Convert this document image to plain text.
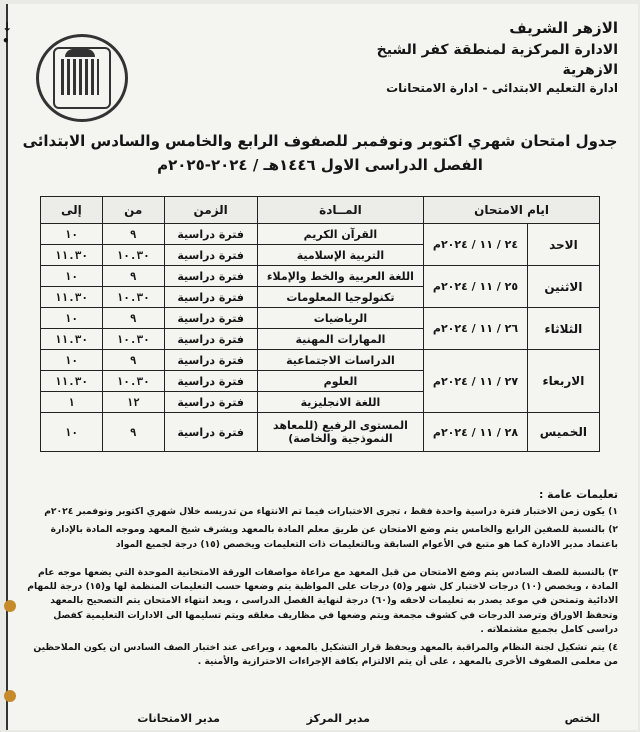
↓
•
الازهر الشريف
الادارة المركزية لمنطقة كفر الشيخ الازهرية
ادارة التعليم الابتدائى - ادارة الامتحانات
جدول امتحان شهري اكتوبر ونوفمبر للصفوف الرابع والخامس والسادس الابتدائى
الفصل الدراسى الاول ١٤٤٦هـ / ٢٠٢٤-٢٠٢٥م
ايام الامتحان		المــادة	الزمن	من	إلى
الاحد	٢٤ / ١١ / ٢٠٢٤م	القرآن الكريم	فترة دراسية	٩	١٠
		التربية الإسلامية	فترة دراسية	١٠.٣٠	١١.٣٠
الاثنين	٢٥ / ١١ / ٢٠٢٤م	اللغة العربية والخط والإملاء	فترة دراسية	٩	١٠
		تكنولوجيا المعلومات	فترة دراسية	١٠.٣٠	١١.٣٠
الثلاثاء	٢٦ / ١١ / ٢٠٢٤م	الرياضيات	فترة دراسية	٩	١٠
		المهارات المهنية	فترة دراسية	١٠.٣٠	١١.٣٠
الاربعاء	٢٧ / ١١ / ٢٠٢٤م	الدراسات الاجتماعية	فترة دراسية	٩	١٠
		العلوم	فترة دراسية	١٠.٣٠	١١.٣٠
		اللغة الانجليزية	فترة دراسية	١٢	١
الخميس	٢٨ / ١١ / ٢٠٢٤م	المستوى الرفيع (للمعاهد النموذجية والخاصة)	فترة دراسية	٩	١٠
تعليمات عامة :

١) يكون زمن الاختبار فترة دراسية واحدة فقط ، تجرى الاختبارات فيما تم الانتهاء من تدريسه خلال شهري اكتوبر ونوفمبر ٢٠٢٤م

٢) بالنسبة للصفين الرابع والخامس يتم وضع الامتحان عن طريق معلم المادة بالمعهد ويشرف شيخ المعهد وموجه المادة بالإدارة باعتماد مدير الادارة كما هو متبع في الأعوام السابقة وبالتعليمات ذات التعليمات ويخصص (١٥) درجة لجميع المواد

٣) بالنسبة للصف السادس يتم وضع الامتحان من قبل المعهد مع مراعاة مواصفات الورقة الامتحانية الموحدة التي يضعها موجه عام المادة ، ويخصص (١٠) درجات لاختبار كل شهر و(٥) درجات على المواظبة يتم وضعها حسب التعليمات المنظمة لها و(١٥) درجة للمهام الادائية وتمتحن في موعد يصدر به تعليمات لاحقه و(٦٠) درجة لنهاية الفصل الدراسى ، وبعد انتهاء الامتحان يتم التصحيح بالمعهد وتحفظ الاوراق وترصد الدرجات في كشوف مجمعة ويتم وضعها في مظاريف مغلقه ويتم تسليمها الى الادارات التعليمية كفصل دراسى كامل بجميع مشتملاته .

٤) يتم تشكيل لجنة النظام والمراقبة بالمعهد ويحفظ قرار التشكيل بالمعهد ، ويراعى عند اختبار الصف السادس ان يكون الملاحظين من معلمى الصفوف الأخرى بالمعهد ، على أن يتم الالتزام بكافة الإجراءات الاحترازية والأمنية .

الختص
مدير المركز
مدير الامتحانات
